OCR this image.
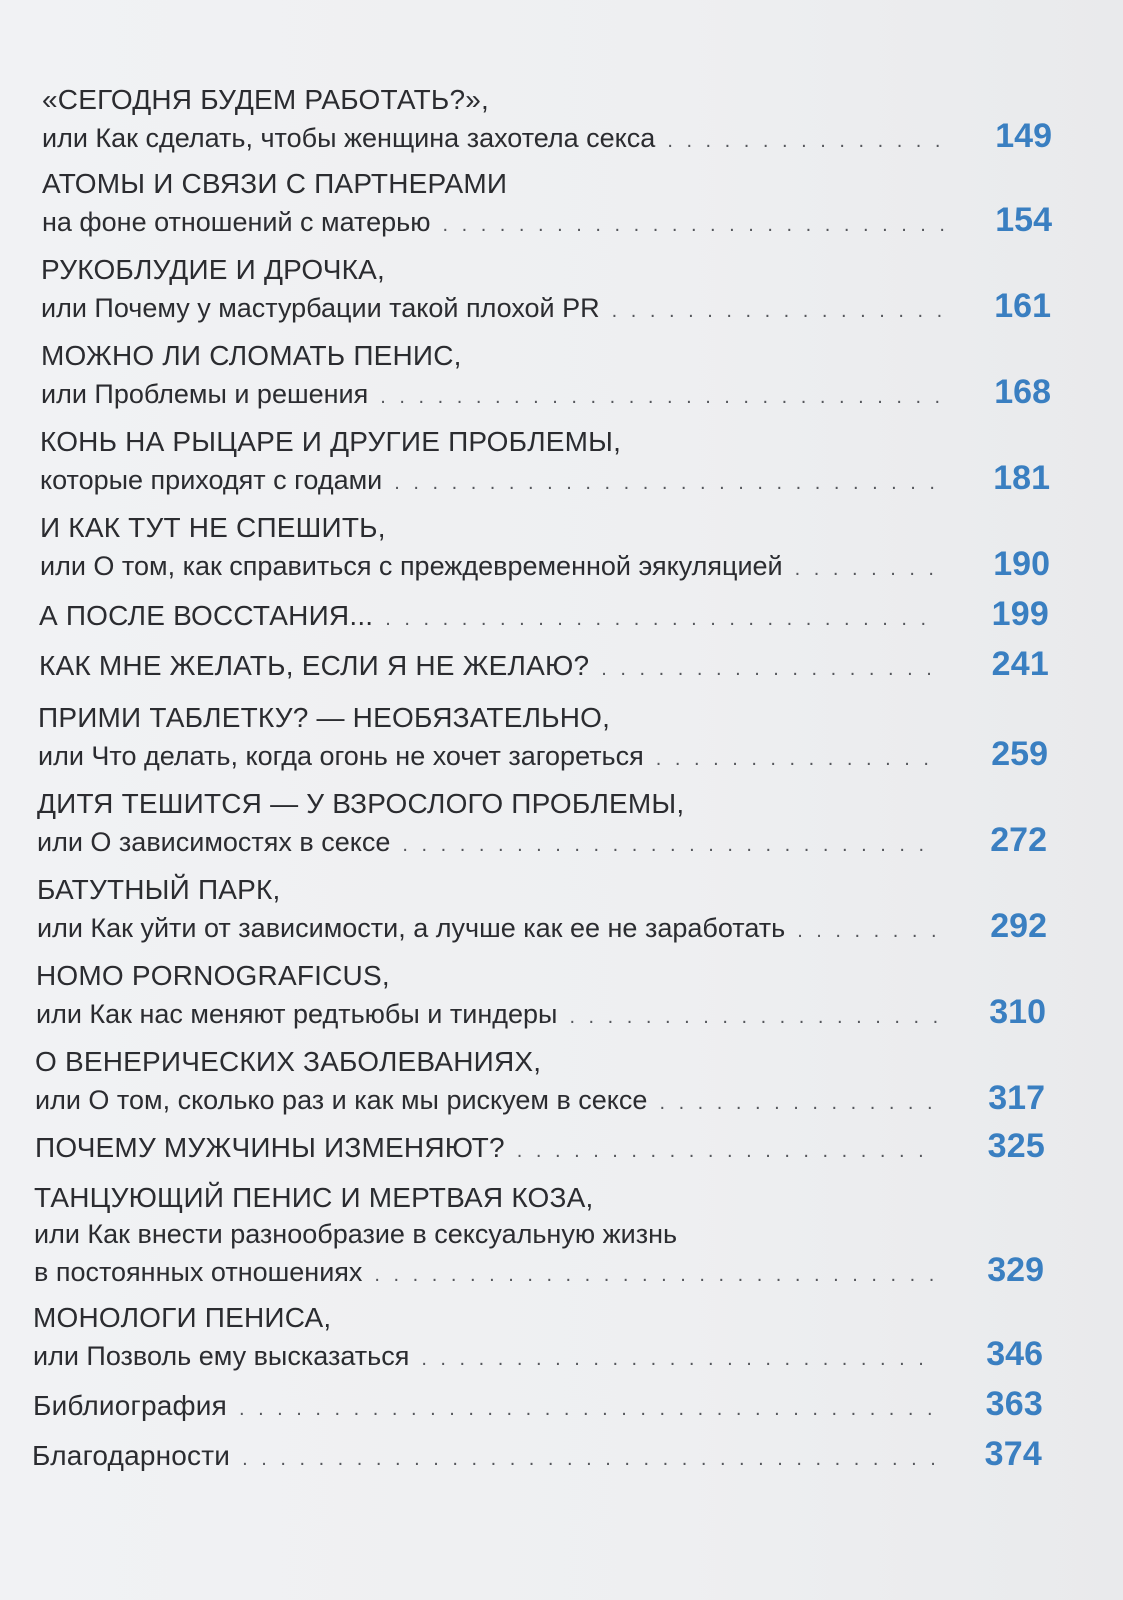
«СЕГОДНЯ БУДЕМ РАБОТАТЬ?»,
или Как сделать, чтобы женщина захотела секса . . .	149
АТОМЫ И СВЯЗИ С ПАРТНЕРАМИ
на фоне отношений с матерью . . .	154
РУКОБЛУДИЕ И ДРОЧКА,
или Почему у мастурбации такой плохой PR . . .	161
МОЖНО ЛИ СЛОМАТЬ ПЕНИС,
или Проблемы и решения . . .	168
КОНЬ НА РЫЦАРЕ И ДРУГИЕ ПРОБЛЕМЫ,
которые приходят с годами . . .	181
И КАК ТУТ НЕ СПЕШИТЬ,
или О том, как справиться с преждевременной эякуляцией . . .	190
А ПОСЛЕ ВОССТАНИЯ... . . .	199
КАК МНЕ ЖЕЛАТЬ, ЕСЛИ Я НЕ ЖЕЛАЮ? . . .	241
ПРИМИ ТАБЛЕТКУ? — НЕОБЯЗАТЕЛЬНО,
или Что делать, когда огонь не хочет загореться . . .	259
ДИТЯ ТЕШИТСЯ — У ВЗРОСЛОГО ПРОБЛЕМЫ,
или О зависимостях в сексе . . .	272
БАТУТНЫЙ ПАРК,
или Как уйти от зависимости, а лучше как ее не заработать . . .	292
HOMO PORNOGRAFICUS,
или Как нас меняют редтьюбы и тиндеры . . .	310
О ВЕНЕРИЧЕСКИХ ЗАБОЛЕВАНИЯХ,
или О том, сколько раз и как мы рискуем в сексе . . .	317
ПОЧЕМУ МУЖЧИНЫ ИЗМЕНЯЮТ? . . .	325
ТАНЦУЮЩИЙ ПЕНИС И МЕРТВАЯ КОЗА,
или Как внести разнообразие в сексуальную жизнь
в постоянных отношениях . . .	329
МОНОЛОГИ ПЕНИСА,
или Позволь ему высказаться . . .	346
Библиография . . .	363
Благодарности . . .	374
